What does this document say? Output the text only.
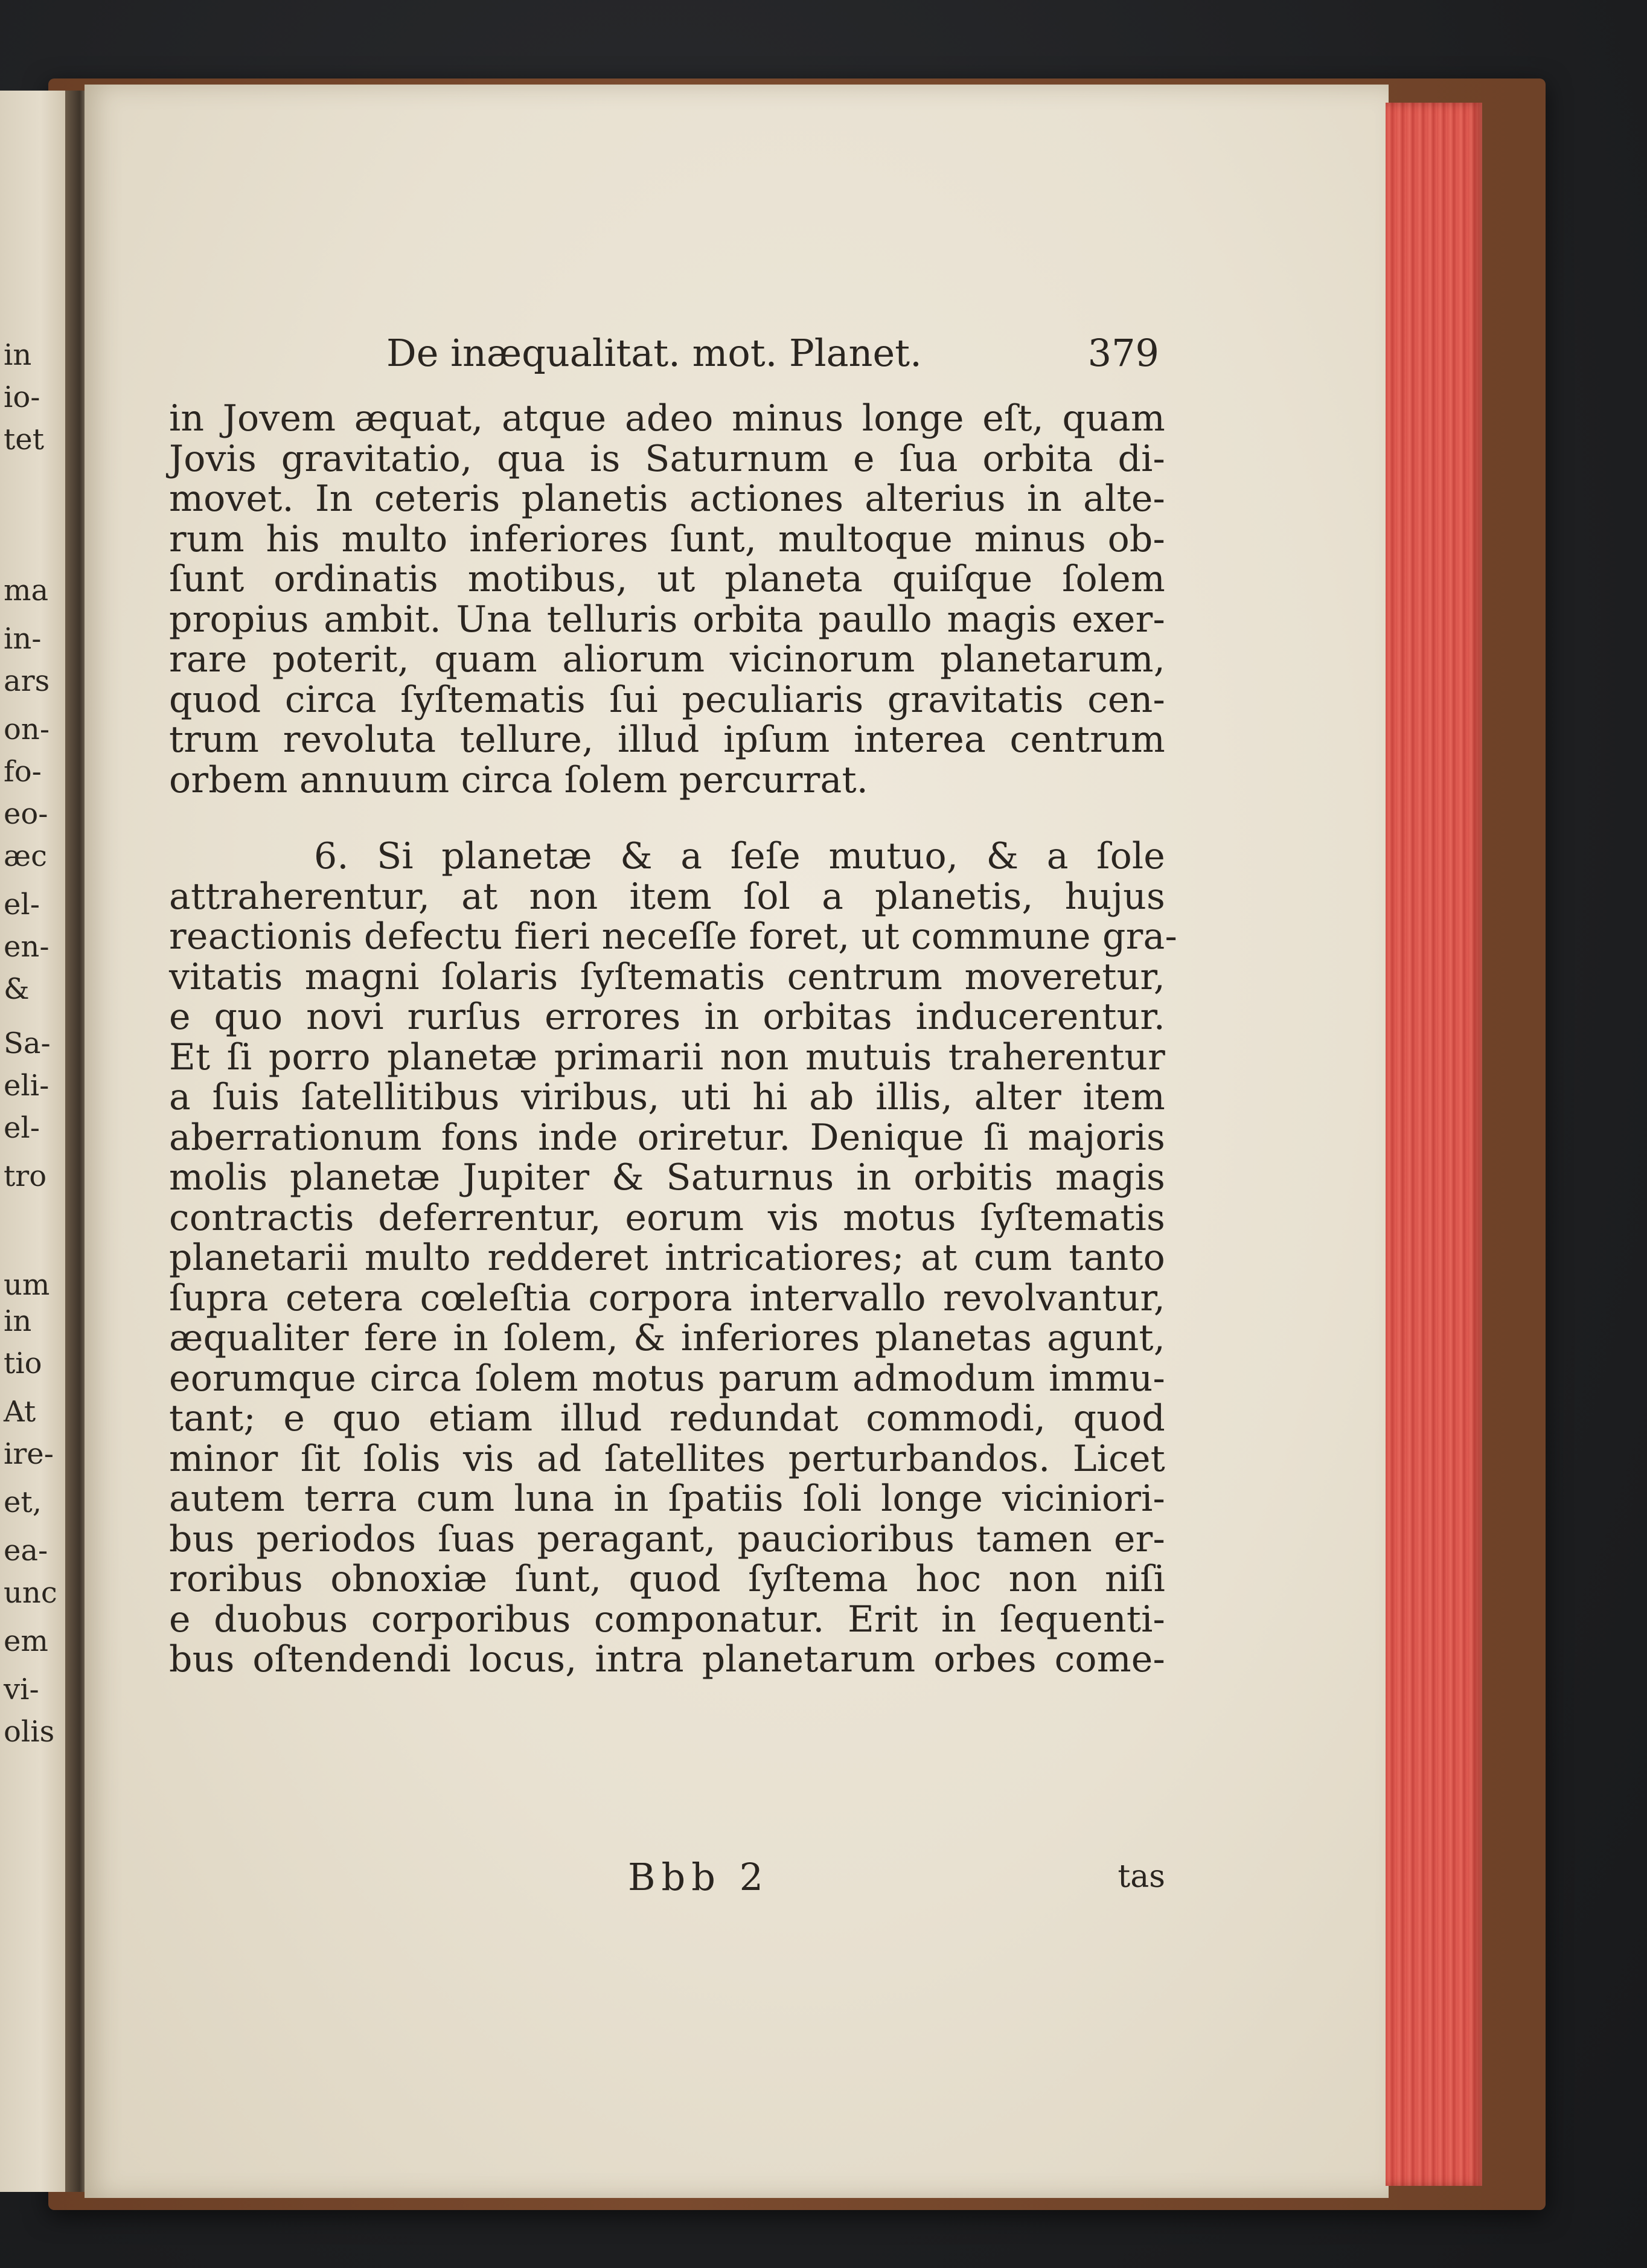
in
io-
tet
ma
in-
ars
on-
fo-
eo-
æc
el-
en-
&
Sa-
eli-
el-
tro
um
in
tio
At
ire-
et,
ea-
unc
em
vi-
olis
De inæqualitat. mot. Planet.	379
in Jovem æquat, atque adeo minus longe eſt, quam
Jovis gravitatio, qua is Saturnum e ſua orbita di-
movet. In ceteris planetis actiones alterius in alte-
rum his multo inferiores ſunt, multoque minus ob-
ſunt ordinatis motibus, ut planeta quiſque ſolem
propius ambit. Una telluris orbita paullo magis exer-
rare poterit, quam aliorum vicinorum planetarum,
quod circa ſyſtematis ſui peculiaris gravitatis cen-
trum revoluta tellure, illud ipſum interea centrum
orbem annuum circa ſolem percurrat.
6. Si planetæ & a ſeſe mutuo, & a ſole
attraherentur, at non item ſol a planetis, hujus
reactionis defectu fieri neceſſe foret, ut commune gra-
vitatis magni ſolaris ſyſtematis centrum moveretur,
e quo novi rurſus errores in orbitas inducerentur.
Et ſi porro planetæ primarii non mutuis traherentur
a ſuis ſatellitibus viribus, uti hi ab illis, alter item
aberrationum fons inde oriretur. Denique ſi majoris
molis planetæ Jupiter & Saturnus in orbitis magis
contractis deferrentur, eorum vis motus ſyſtematis
planetarii multo redderet intricatiores; at cum tanto
ſupra cetera cœleſtia corpora intervallo revolvantur,
æqualiter fere in ſolem, & inferiores planetas agunt,
eorumque circa ſolem motus parum admodum immu-
tant; e quo etiam illud redundat commodi, quod
minor ſit ſolis vis ad ſatellites perturbandos. Licet
autem terra cum luna in ſpatiis ſoli longe viciniori-
bus periodos ſuas peragant, paucioribus tamen er-
roribus obnoxiæ ſunt, quod ſyſtema hoc non niſi
e duobus corporibus componatur. Erit in ſequenti-
bus oſtendendi locus, intra planetarum orbes come-
Bbb 2	tas
